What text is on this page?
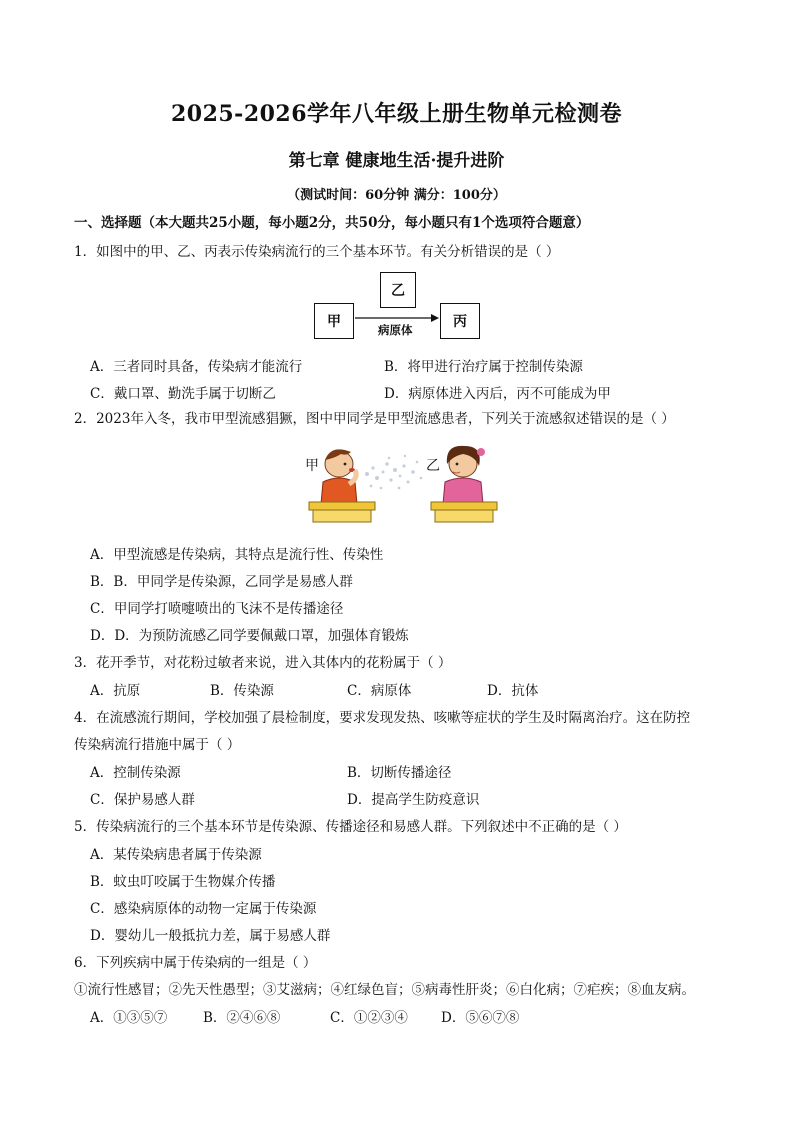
2025-2026学年八年级上册生物单元检测卷
第七章 健康地生活·提升进阶
（测试时间：60分钟 满分：100分）
一、选择题（本大题共25小题，每小题2分，共50分，每小题只有1个选项符合题意）
1．如图中的甲、乙、丙表示传染病流行的三个基本环节。有关分析错误的是（ ）
乙
甲	丙
病原体
A．三者同时具备，传染病才能流行	B．将甲进行治疗属于控制传染源
C．戴口罩、勤洗手属于切断乙	D．病原体进入丙后，丙不可能成为甲
2．2023年入冬，我市甲型流感猖獗，图中甲同学是甲型流感患者，下列关于流感叙述错误的是（ ）
甲	乙
A．甲型流感是传染病，其特点是流行性、传染性
B．B．甲同学是传染源，乙同学是易感人群
C．甲同学打喷嚏喷出的飞沫不是传播途径
D．D．为预防流感乙同学要佩戴口罩，加强体育锻炼
3．花开季节，对花粉过敏者来说，进入其体内的花粉属于（ ）
A．抗原	B．传染源	C．病原体	D．抗体
4．在流感流行期间，学校加强了晨检制度，要求发现发热、咳嗽等症状的学生及时隔离治疗。这在防控
传染病流行措施中属于（ ）
A．控制传染源	B．切断传播途径
C．保护易感人群	D．提高学生防疫意识
5．传染病流行的三个基本环节是传染源、传播途径和易感人群。下列叙述中不正确的是（ ）
A．某传染病患者属于传染源
B．蚊虫叮咬属于生物媒介传播
C．感染病原体的动物一定属于传染源
D．婴幼儿一般抵抗力差，属于易感人群
6．下列疾病中属于传染病的一组是（ ）
①流行性感冒；②先天性愚型；③艾滋病；④红绿色盲；⑤病毒性肝炎；⑥白化病；⑦疟疾；⑧血友病。
A．①③⑤⑦	B．②④⑥⑧	C．①②③④ D．⑤⑥⑦⑧
